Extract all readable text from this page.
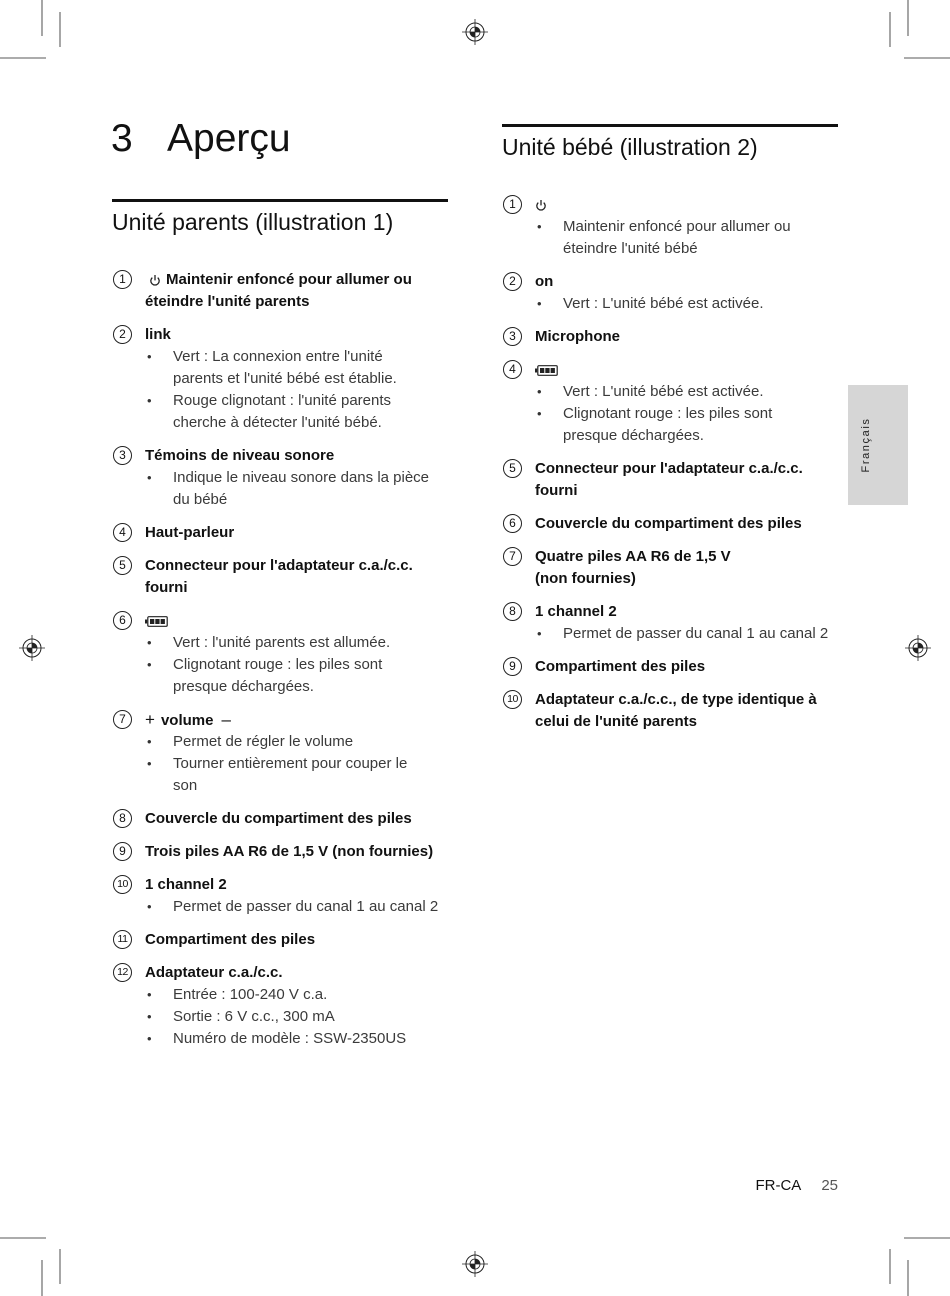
3 Aperçu
Unité parents (illustration 1)
1	Maintenir enfoncé pour allumer ou
éteindre l'unité parents
2	link
•	Vert : La connexion entre l'unité
parents et l'unité bébé est établie.
•	Rouge clignotant : l'unité parents
cherche à détecter l'unité bébé.
3	Témoins de niveau sonore
•	Indique le niveau sonore dans la pièce
du bébé
4	Haut-parleur
5	Connecteur pour l'adaptateur c.a./c.c.
fourni
6
•	Vert : l'unité parents est allumée.
•	Clignotant rouge : les piles sont
presque déchargées.
7	+ volume –
•	Permet de régler le volume
•	Tourner entièrement pour couper le
son
8	Couvercle du compartiment des piles
9	Trois piles AA R6 de 1,5 V (non fournies)
10 1 channel 2
•	Permet de passer du canal 1 au canal 2
11	Compartiment des piles
12 Adaptateur c.a./c.c.
•	Entrée : 100-240 V c.a.
•	Sortie : 6 V c.c., 300 mA
•	Numéro de modèle : SSW-2350US
Unité bébé (illustration 2)
1
•	Maintenir enfoncé pour allumer ou
éteindre l'unité bébé
2	on
•	Vert : L'unité bébé est activée.
3	Microphone
4
•	Vert : L'unité bébé est activée.
•	Clignotant rouge : les piles sont
presque déchargées.
5	Connecteur pour l'adaptateur c.a./c.c.
fourni
6	Couvercle du compartiment des piles
7	Quatre piles AA R6 de 1,5 V
(non fournies)
8	1 channel 2
•	Permet de passer du canal 1 au canal 2
9	Compartiment des piles
10 Adaptateur c.a./c.c., de type identique à
celui de l'unité parents
Français
FR-CA 25
